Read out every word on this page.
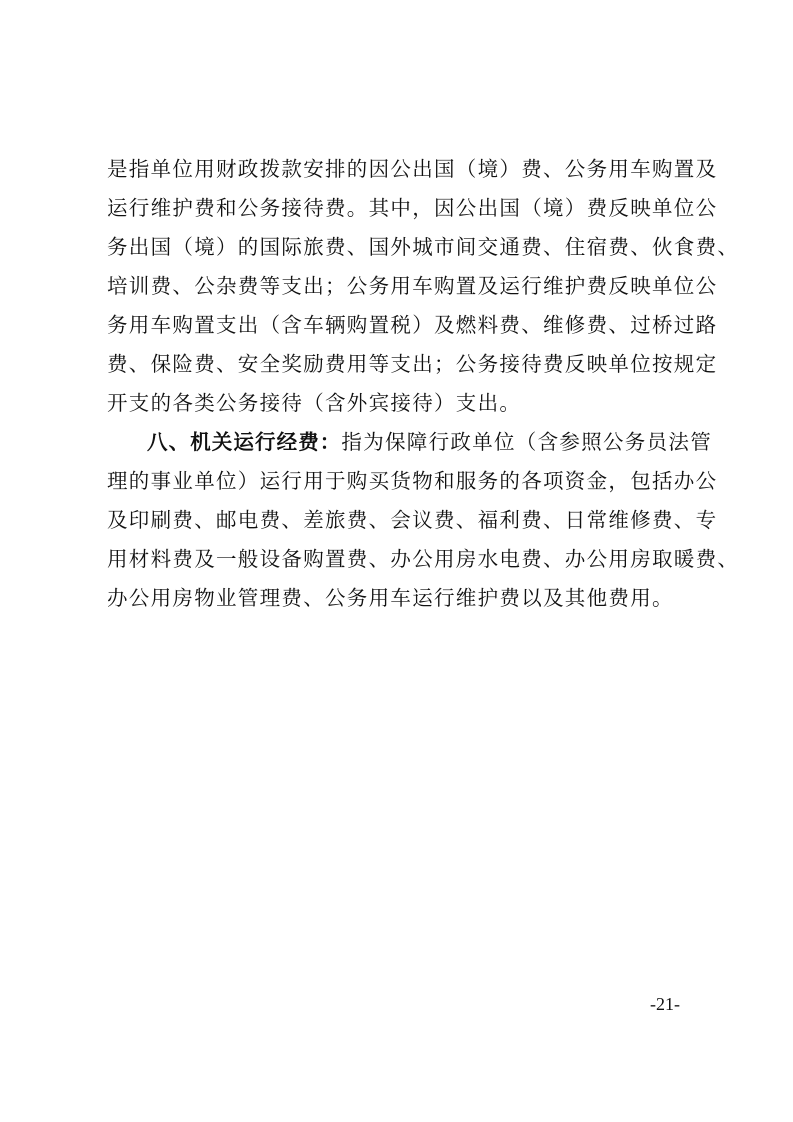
是指单位用财政拨款安排的因公出国（境）费、公务用车购置及
运行维护费和公务接待费。其中，因公出国（境）费反映单位公
务出国（境）的国际旅费、国外城市间交通费、住宿费、伙食费、
培训费、公杂费等支出；公务用车购置及运行维护费反映单位公
务用车购置支出（含车辆购置税）及燃料费、维修费、过桥过路
费、保险费、安全奖励费用等支出；公务接待费反映单位按规定
开支的各类公务接待（含外宾接待）支出。
八、机关运行经费：指为保障行政单位（含参照公务员法管
理的事业单位）运行用于购买货物和服务的各项资金，包括办公
及印刷费、邮电费、差旅费、会议费、福利费、日常维修费、专
用材料费及一般设备购置费、办公用房水电费、办公用房取暖费、
办公用房物业管理费、公务用车运行维护费以及其他费用。
-21-
